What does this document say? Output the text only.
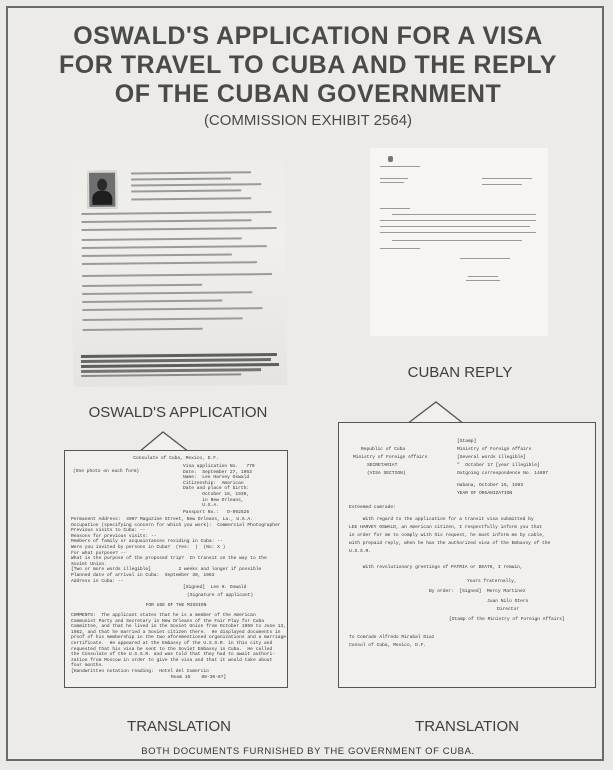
OSWALD'S APPLICATION FOR A VISA
FOR TRAVEL TO CUBA AND THE REPLY
OF THE CUBAN GOVERNMENT
(COMMISSION EXHIBIT 2564)
CUBAN REPLY
OSWALD'S APPLICATION
Consulate of Cuba, Mexico, D.F.
(One photo on each form)
Visa application No.   779
Date:  September 27, 1963
Name:  Lee Harvey Oswald
Citizenship:  American
Date and place of birth:
October 18, 1939,
in New Orleans,
U.S.A.
Passport No.:   D-092526
Permanent Address:  4907 Magazine Street, New Orleans, La., U.S.A.
Occupation (specifying concern for which you work):  Commercial Photographer
Previous visits to Cuba: --
Reasons for previous visits: --
Members of family or acquaintances residing in Cuba: --
Were you invited by persons in Cuba?  (Yes:  )  (No: X )
For what purpose? --
What is the purpose of the proposed trip?  In transit on the way to the
Soviet Union.
[Two or more words illegible]          2 weeks and longer if possible
Planned date of arrival in Cuba:  September 30, 1963
Address in Cuba: --
[Signed]  Lee H. Oswald
(Signature of applicant)
FOR USE OF THE MISSION
COMMENTS:  The applicant states that he is a member of the American
Communist Party and Secretary in New Orleans of the Fair Play for Cuba
Committee, and that he lived in the Soviet Union from October 1959 to June 13,
1962, and that he married a Soviet citizen there.  He displayed documents in
proof of his membership in the two aforementioned organizations and a marriage
certificate.  He appeared at the Embassy of the U.S.S.R. in this city and
requested that his visa be sent to the Soviet Embassy in Cuba.  He called
the Consulate of the U.S.S.R. and was told that they had to await authori-
zation from Moscow in order to give the visa and that it would take about
four months.
[Handwritten notation reading:  Hotel del Comercio
Room 18    88-30-8?]
Republic of Cuba
Ministry of Foreign Affairs
SECRETARIAT
(VISA SECTION)
[Stamp]
Ministry of Foreign Affairs
[Several words illegible]
"  October 17 [year illegible]
Outgoing correspondence No. 14697
Habana, October 15, 1963
YEAR OF ORGANIZATION
Esteemed comrade:
With regard to the application for a transit visa submitted by
LEE HARVEY OSWALD, an American citizen, I respectfully inform you that
in order for me to comply with his request, he must inform me by cable,
with prepaid reply, when he has the authorized visa of the Embassy of the
U.S.S.R.
With revolutionary greetings of PATRIA or DEATH, I remain,
Yours fraternally,
By order:  [Signed]  Mercy Martinez
Juan Nilo Otero
Director
[Stamp of the Ministry of Foreign Affairs]
To Comrade Alfredo Mirabal Diaz
Consul of Cuba, Mexico, D.F.
TRANSLATION	TRANSLATION
BOTH DOCUMENTS FURNISHED BY THE GOVERNMENT OF CUBA.
